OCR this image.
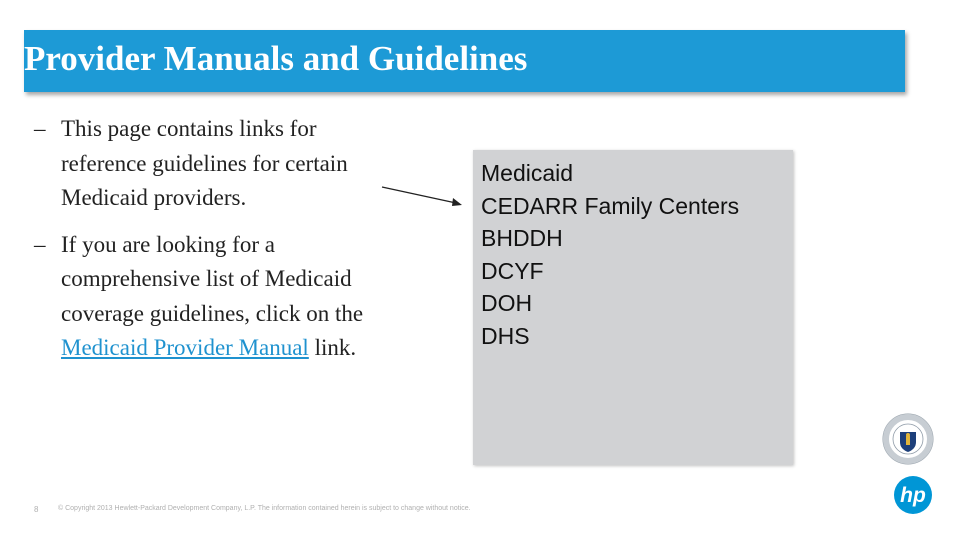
Provider Manuals and Guidelines
– This page contains links for reference guidelines for certain Medicaid providers.
– If you are looking for a comprehensive list of Medicaid coverage guidelines, click on the Medicaid Provider Manual link.
Medicaid
CEDARR Family Centers
BHDDH
DCYF
DOH
DHS
hp
8	© Copyright 2013 Hewlett-Packard Development Company, L.P. The information contained herein is subject to change without notice.
